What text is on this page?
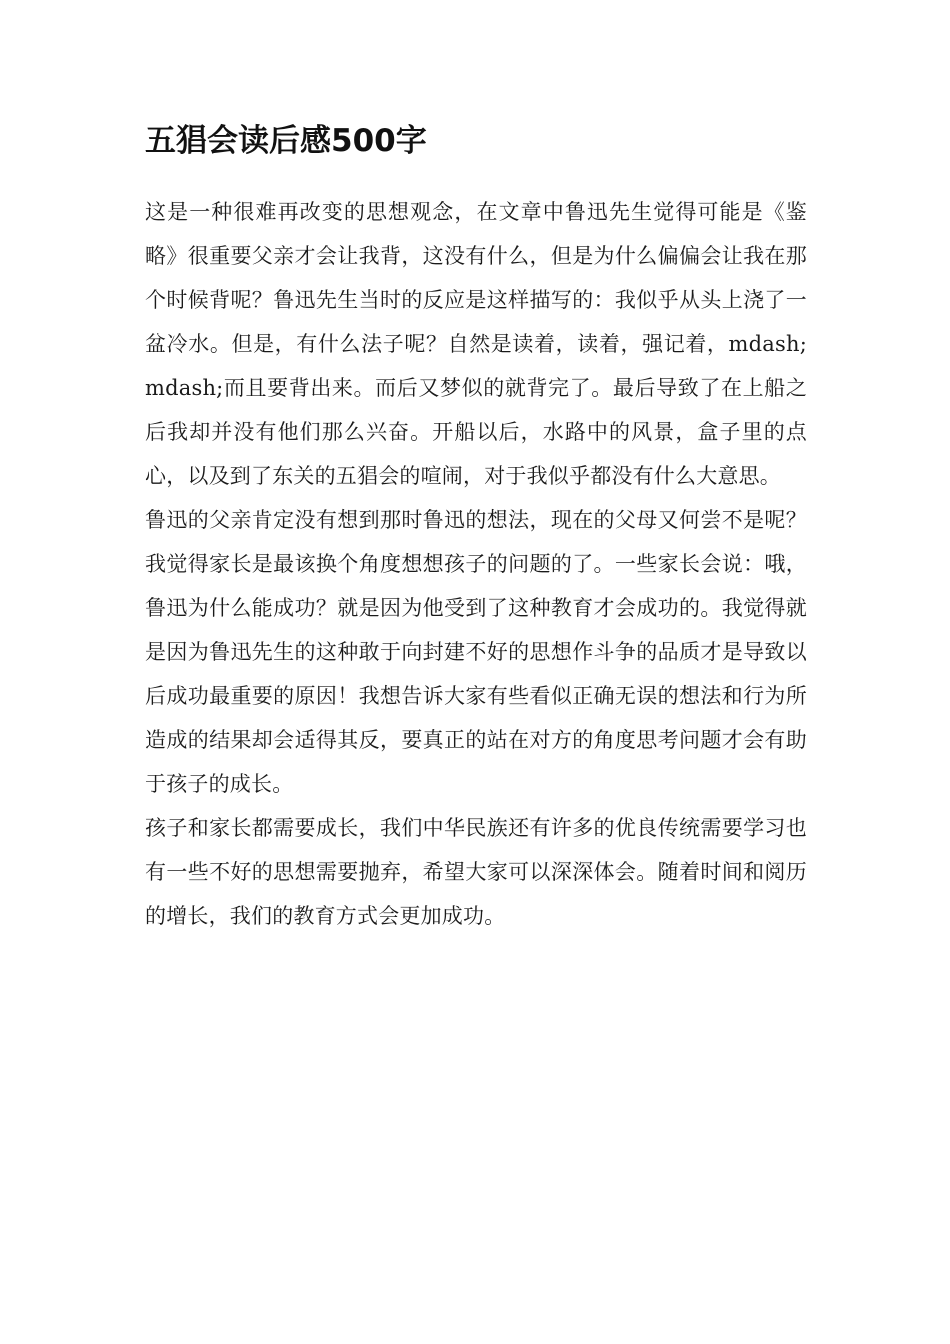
五猖会读后感500字

这是一种很难再改变的思想观念，在文章中鲁迅先生觉得可能是《鉴略》很重要父亲才会让我背，这没有什么，但是为什么偏偏会让我在那个时候背呢？鲁迅先生当时的反应是这样描写的：我似乎从头上浇了一盆冷水。但是，有什么法子呢？自然是读着，读着，强记着，mdash;mdash;而且要背出来。而后又梦似的就背完了。最后导致了在上船之后我却并没有他们那么兴奋。开船以后，水路中的风景，盒子里的点心，以及到了东关的五猖会的喧闹，对于我似乎都没有什么大意思。

鲁迅的父亲肯定没有想到那时鲁迅的想法，现在的父母又何尝不是呢？我觉得家长是最该换个角度想想孩子的问题的了。一些家长会说：哦，鲁迅为什么能成功？就是因为他受到了这种教育才会成功的。我觉得就是因为鲁迅先生的这种敢于向封建不好的思想作斗争的品质才是导致以后成功最重要的原因！我想告诉大家有些看似正确无误的想法和行为所造成的结果却会适得其反，要真正的站在对方的角度思考问题才会有助于孩子的成长。

孩子和家长都需要成长，我们中华民族还有许多的优良传统需要学习也有一些不好的思想需要抛弃，希望大家可以深深体会。随着时间和阅历的增长，我们的教育方式会更加成功。
